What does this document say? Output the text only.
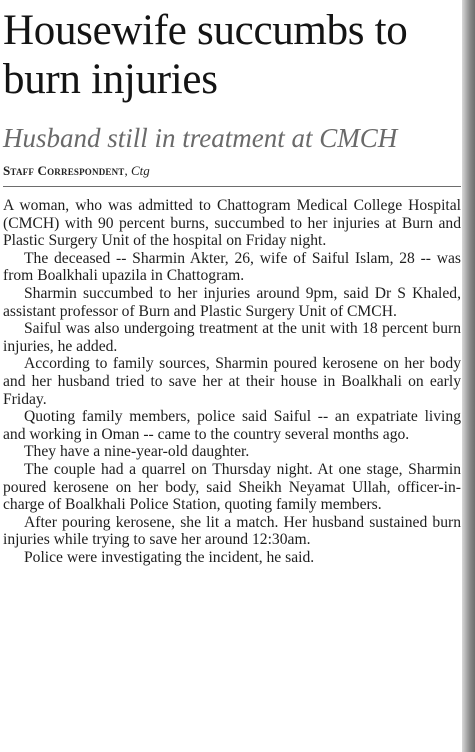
Housewife succumbs to burn injuries
Husband still in treatment at CMCH
Staff Correspondent, Ctg

A woman, who was admitted to Chattogram Medical College Hospital (CMCH) with 90 percent burns, succumbed to her injuries at Burn and Plastic Surgery Unit of the hospital on Friday night.

The deceased -- Sharmin Akter, 26, wife of Saiful Islam, 28 -- was from Boalkhali upazila in Chattogram.

Sharmin succumbed to her injuries around 9pm, said Dr S Khaled, assistant professor of Burn and Plastic Surgery Unit of CMCH.

Saiful was also undergoing treatment at the unit with 18 percent burn injuries, he added.

According to family sources, Sharmin poured kerosene on her body and her husband tried to save her at their house in Boalkhali on early Friday.

Quoting family members, police said Saiful -- an expatriate living and working in Oman -- came to the country several months ago.

They have a nine-year-old daughter.

The couple had a quarrel on Thursday night. At one stage, Sharmin poured kerosene on her body, said Sheikh Neyamat Ullah, officer-in-charge of Boalkhali Police Station, quoting family members.

After pouring kerosene, she lit a match. Her husband sustained burn injuries while trying to save her around 12:30am.

Police were investigating the incident, he said.
